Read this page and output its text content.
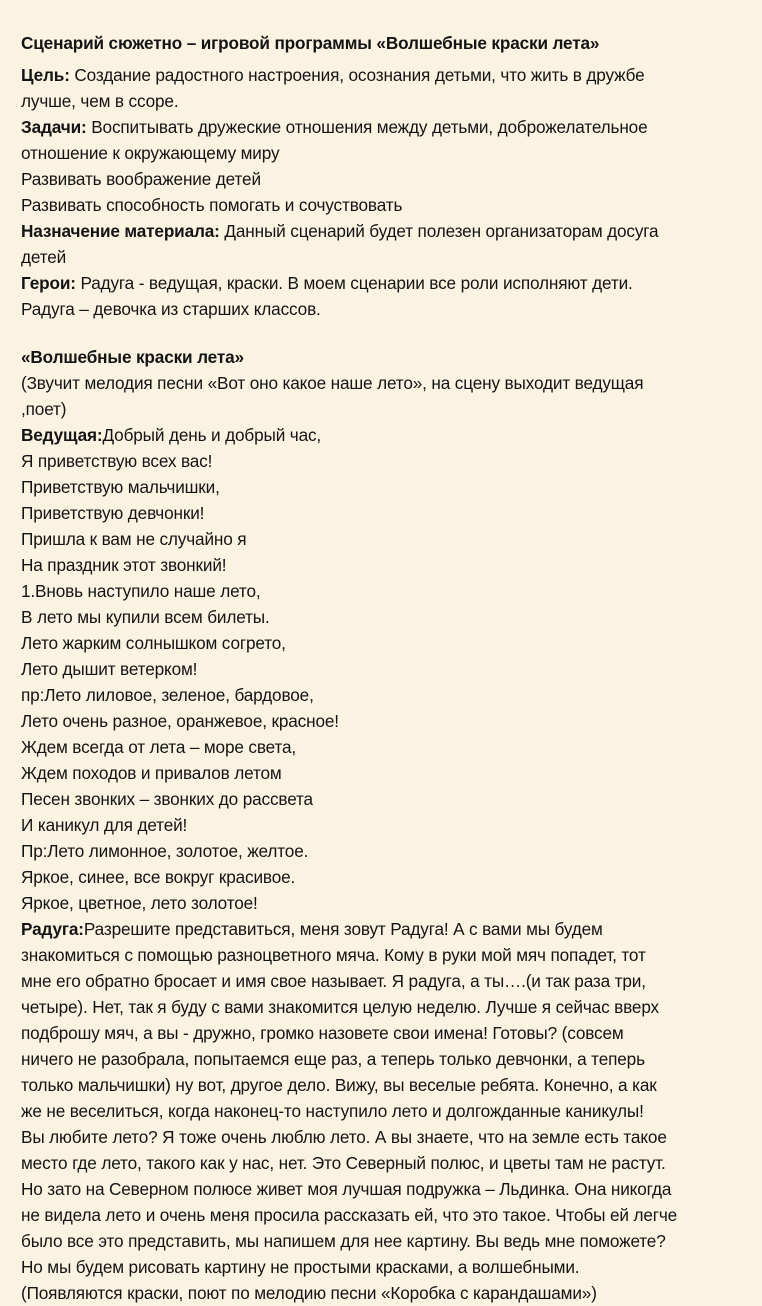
Сценарий сюжетно – игровой программы «Волшебные краски лета»
Цель: Создание радостного настроения, осознания детьми, что жить в дружбе
лучше, чем в ссоре.
Задачи: Воспитывать дружеские отношения между детьми, доброжелательное
отношение к окружающему миру
Развивать воображение детей
Развивать способность помогать и сочуствовать
Назначение материала: Данный сценарий будет полезен организаторам досуга
детей
Герои: Радуга - ведущая, краски. В моем сценарии все роли исполняют дети.
Радуга – девочка из старших классов.
«Волшебные краски лета»
(Звучит мелодия песни «Вот оно какое наше лето», на сцену выходит ведущая
,поет)
Ведущая:Добрый день и добрый час,
Я приветствую всех вас!
Приветствую мальчишки,
Приветствую девчонки!
Пришла к вам не случайно я
На праздник этот звонкий!
1.Вновь наступило наше лето,
В лето мы купили всем билеты.
Лето жарким солнышком согрето,
Лето дышит ветерком!
пр:Лето лиловое, зеленое, бардовое,
Лето очень разное, оранжевое, красное!
Ждем всегда от лета – море света,
Ждем походов и привалов летом
Песен звонких – звонких до рассвета
И каникул для детей!
Пр:Лето лимонное, золотое, желтое.
Яркое, синее, все вокруг красивое.
Яркое, цветное, лето золотое!
Радуга:Разрешите представиться, меня зовут Радуга! А с вами мы будем
знакомиться с помощью разноцветного мяча. Кому в руки мой мяч попадет, тот
мне его обратно бросает и имя свое называет. Я радуга, а ты….(и так раза три,
четыре). Нет, так я буду с вами знакомится целую неделю. Лучше я сейчас вверх
подброшу мяч, а вы - дружно, громко назовете свои имена! Готовы? (совсем
ничего не разобрала, попытаемся еще раз, а теперь только девчонки, а теперь
только мальчишки) ну вот, другое дело. Вижу, вы веселые ребята. Конечно, а как
же не веселиться, когда наконец-то наступило лето и долгожданные каникулы!
Вы любите лето? Я тоже очень люблю лето. А вы знаете, что на земле есть такое
место где лето, такого как у нас, нет. Это Северный полюс, и цветы там не растут.
Но зато на Северном полюсе живет моя лучшая подружка – Льдинка. Она никогда
не видела лето и очень меня просила рассказать ей, что это такое. Чтобы ей легче
было все это представить, мы напишем для нее картину. Вы ведь мне поможете?
Но мы будем рисовать картину не простыми красками, а волшебными.
(Появляются краски, поют по мелодию песни «Коробка с карандашами»)
